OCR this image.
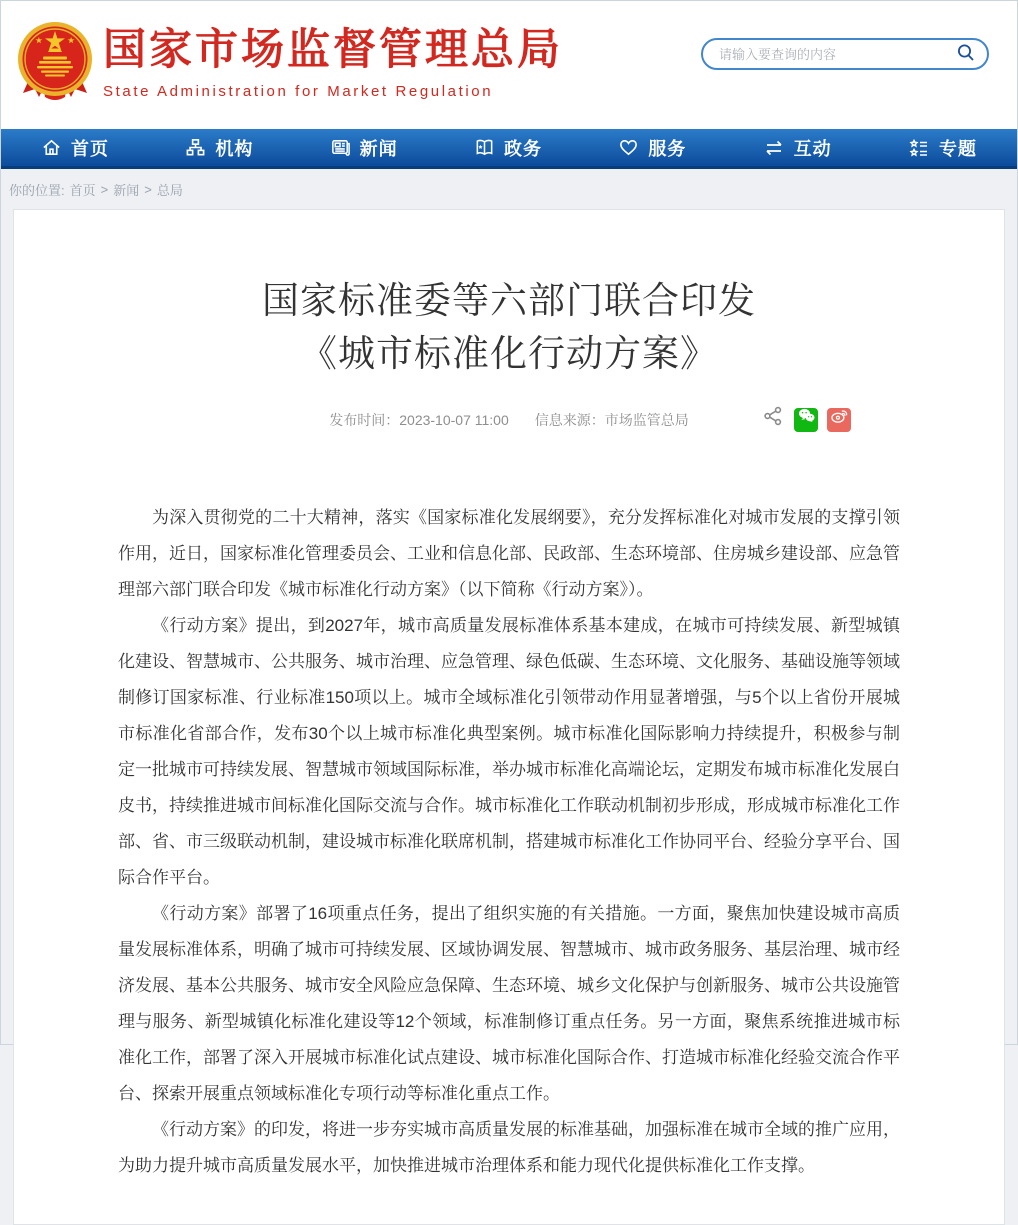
国家市场监督管理总局
State Administration for Market Regulation
请输入要查询的内容
首页	机构	新闻	政务	服务	互动	专题
你的位置: 首页 > 新闻 > 总局
国家标准委等六部门联合印发
《城市标准化行动方案》
发布时间：2023-10-07 11:00 信息来源：市场监管总局

为深入贯彻党的二十大精神，落实《国家标准化发展纲要》，充分发挥标准化对城市发展的支撑引领作用，近日，国家标准化管理委员会、工业和信息化部、民政部、生态环境部、住房城乡建设部、应急管理部六部门联合印发《城市标准化行动方案》（以下简称《行动方案》）。

《行动方案》提出，到2027年，城市高质量发展标准体系基本建成，在城市可持续发展、新型城镇化建设、智慧城市、公共服务、城市治理、应急管理、绿色低碳、生态环境、文化服务、基础设施等领域制修订国家标准、行业标准150项以上。城市全域标准化引领带动作用显著增强，与5个以上省份开展城市标准化省部合作，发布30个以上城市标准化典型案例。城市标准化国际影响力持续提升，积极参与制定一批城市可持续发展、智慧城市领域国际标准，举办城市标准化高端论坛，定期发布城市标准化发展白皮书，持续推进城市间标准化国际交流与合作。城市标准化工作联动机制初步形成，形成城市标准化工作部、省、市三级联动机制，建设城市标准化联席机制，搭建城市标准化工作协同平台、经验分享平台、国际合作平台。

《行动方案》部署了16项重点任务，提出了组织实施的有关措施。一方面，聚焦加快建设城市高质量发展标准体系，明确了城市可持续发展、区域协调发展、智慧城市、城市政务服务、基层治理、城市经济发展、基本公共服务、城市安全风险应急保障、生态环境、城乡文化保护与创新服务、城市公共设施管理与服务、新型城镇化标准化建设等12个领域，标准制修订重点任务。另一方面，聚焦系统推进城市标准化工作，部署了深入开展城市标准化试点建设、城市标准化国际合作、打造城市标准化经验交流合作平台、探索开展重点领域标准化专项行动等标准化重点工作。

《行动方案》的印发，将进一步夯实城市高质量发展的标准基础，加强标准在城市全域的推广应用，为助力提升城市高质量发展水平，加快推进城市治理体系和能力现代化提供标准化工作支撑。
